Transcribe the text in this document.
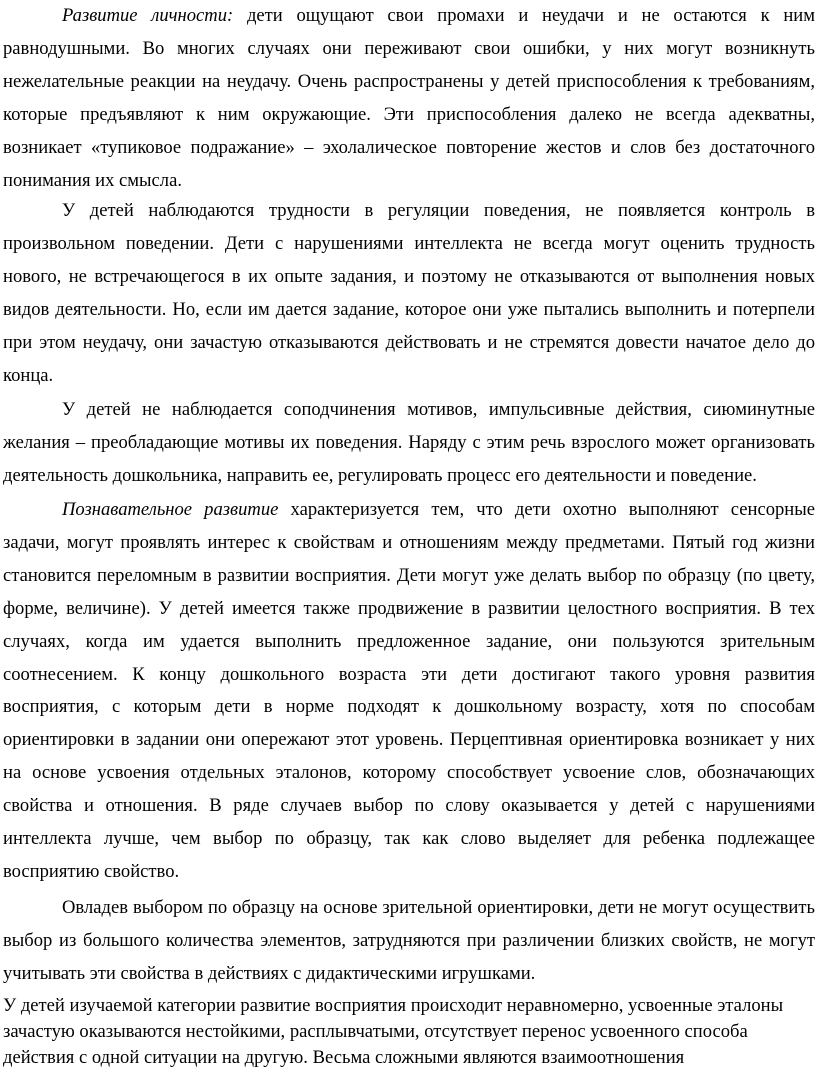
Развитие личности: дети ощущают свои промахи и неудачи и не остаются к ним равнодушными. Во многих случаях они переживают свои ошибки, у них могут возникнуть нежелательные реакции на неудачу. Очень распространены у детей приспособления к требованиям, которые предъявляют к ним окружающие. Эти приспособления далеко не всегда адекватны, возникает «тупиковое подражание» – эхолалическое повторение жестов и слов без достаточного понимания их смысла.

У детей наблюдаются трудности в регуляции поведения, не появляется контроль в произвольном поведении. Дети с нарушениями интеллекта не всегда могут оценить трудность нового, не встречающегося в их опыте задания, и поэтому не отказываются от выполнения новых видов деятельности. Но, если им дается задание, которое они уже пытались выполнить и потерпели при этом неудачу, они зачастую отказываются действовать и не стремятся довести начатое дело до конца.

У детей не наблюдается соподчинения мотивов, импульсивные действия, сиюминутные желания – преобладающие мотивы их поведения. Наряду с этим речь взрослого может организовать деятельность дошкольника, направить ее, регулировать процесс его деятельности и поведение.

Познавательное развитие характеризуется тем, что дети охотно выполняют сенсорные задачи, могут проявлять интерес к свойствам и отношениям между предметами. Пятый год жизни становится переломным в развитии восприятия. Дети могут уже делать выбор по образцу (по цвету, форме, величине). У детей имеется также продвижение в развитии целостного восприятия. В тех случаях, когда им удается выполнить предложенное задание, они пользуются зрительным соотнесением. К концу дошкольного возраста эти дети достигают такого уровня развития восприятия, с которым дети в норме подходят к дошкольному возрасту, хотя по способам ориентировки в задании они опережают этот уровень. Перцептивная ориентировка возникает у них на основе усвоения отдельных эталонов, которому способствует усвоение слов, обозначающих свойства и отношения. В ряде случаев выбор по слову оказывается у детей с нарушениями интеллекта лучше, чем выбор по образцу, так как слово выделяет для ребенка подлежащее восприятию свойство.

Овладев выбором по образцу на основе зрительной ориентировки, дети не могут осуществить выбор из большого количества элементов, затрудняются при различении близких свойств, не могут учитывать эти свойства в действиях с дидактическими игрушками.

У детей изучаемой категории развитие восприятия происходит неравномерно, усвоенные эталоны зачастую оказываются нестойкими, расплывчатыми, отсутствует перенос усвоенного способа действия с одной ситуации на другую. Весьма сложными являются взаимоотношения
